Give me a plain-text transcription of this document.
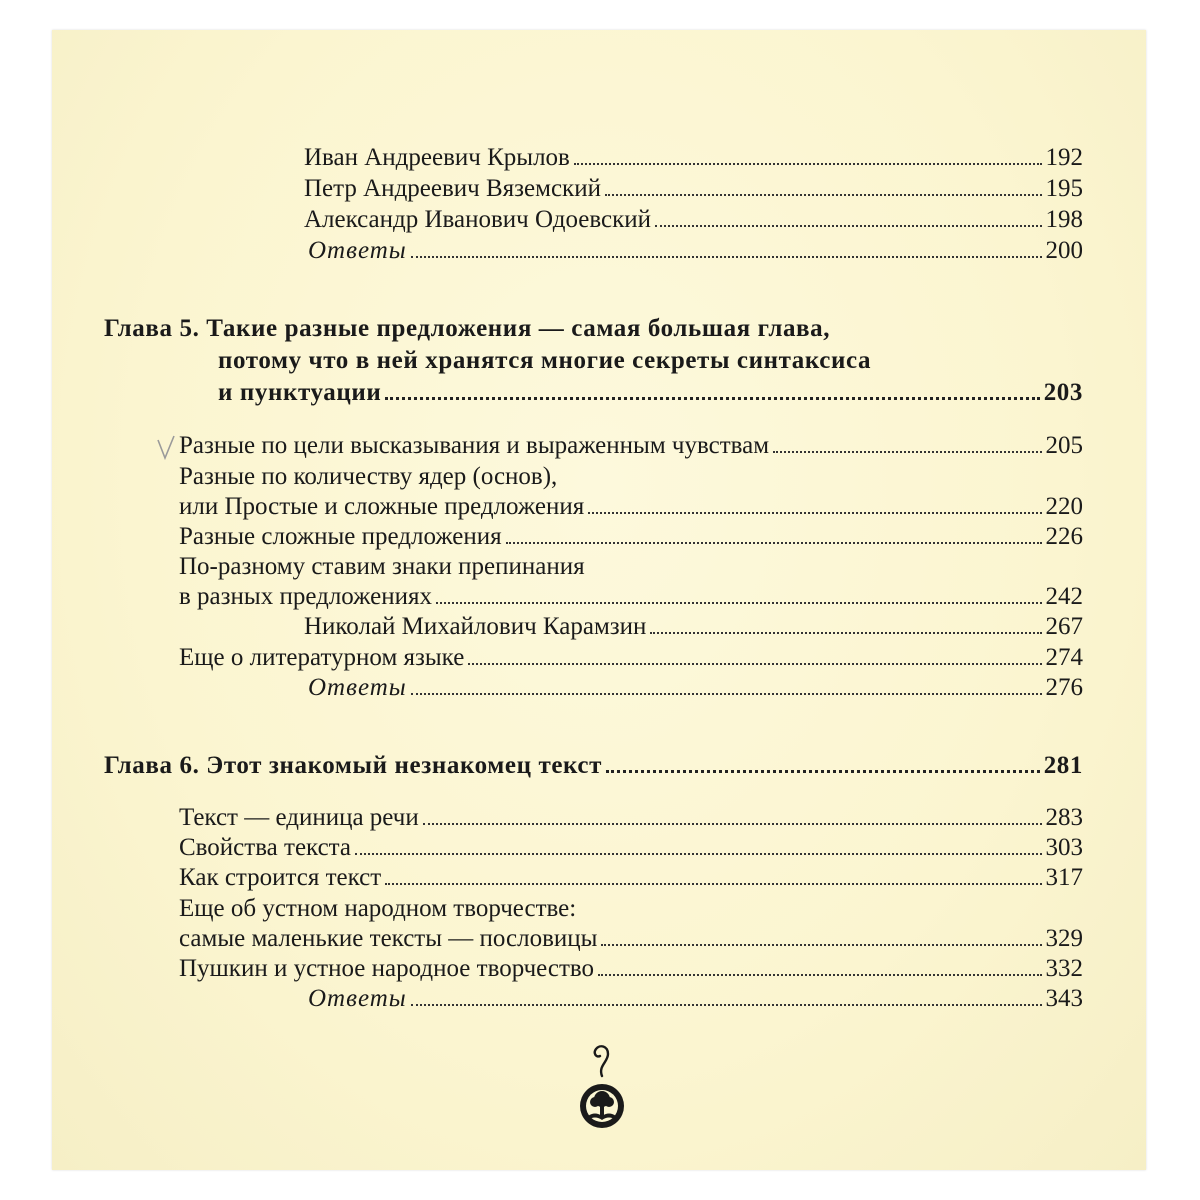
Иван Андреевич Крылов	192
Петр Андреевич Вяземский	195
Александр Иванович Одоевский	198
Ответы	200
Глава 5. Такие разные предложения — самая большая глава,
потому что в ней хранятся многие секреты синтаксиса
и пунктуации	203
Разные по цели высказывания и выраженным чувствам	205
Разные по количеству ядер (основ),
или Простые и сложные предложения	220
Разные сложные предложения	226
По-разному ставим знаки препинания
в разных предложениях	242
Николай Михайлович Карамзин	267
Еще о литературном языке	274
Ответы	276
Глава 6. Этот знакомый незнакомец текст	281
Текст — единица речи	283
Свойства текста	303
Как строится текст	317
Еще об устном народном творчестве:
самые маленькие тексты — пословицы	329
Пушкин и устное народное творчество	332
Ответы	343
